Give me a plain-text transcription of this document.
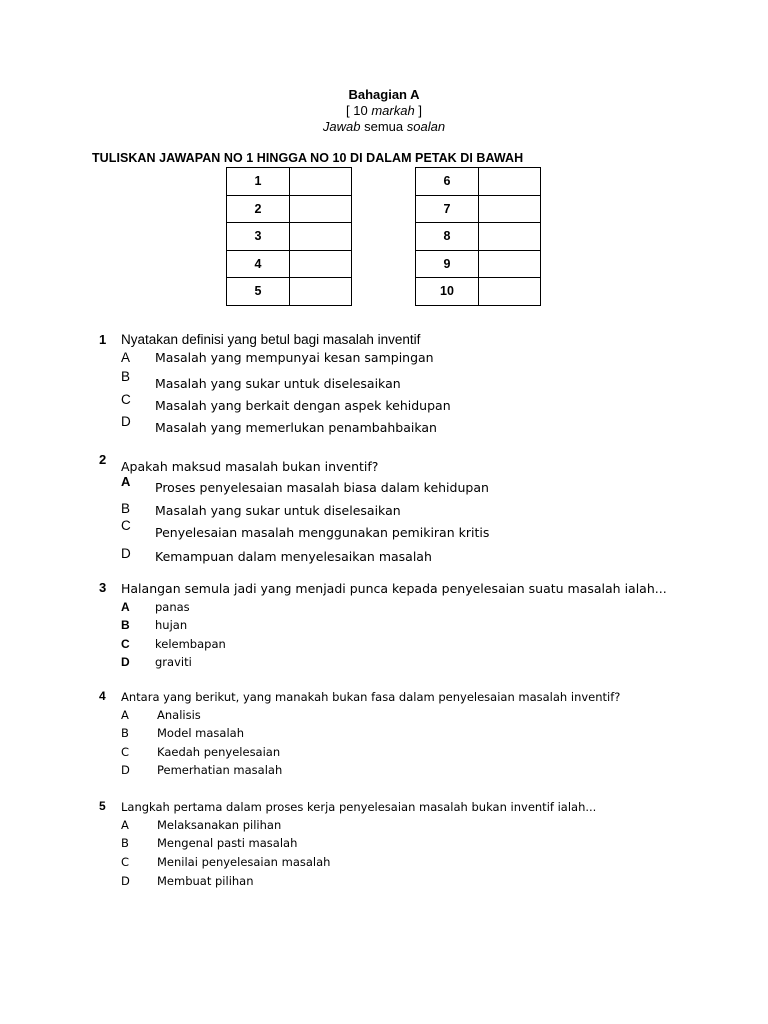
Bahagian A
[ 10 markah ]
Jawab semua soalan
TULISKAN JAWAPAN NO 1 HINGGA NO 10 DI DALAM PETAK DI BAWAH
1	
2	
3	
4	
5	
6	
7	
8	
9	
10	
1 Nyatakan definisi yang betul bagi masalah inventif
A Masalah yang mempunyai kesan sampingan
B Masalah yang sukar untuk diselesaikan
C Masalah yang berkait dengan aspek kehidupan
D Masalah yang memerlukan penambahbaikan
2 Apakah maksud masalah bukan inventif?
A Proses penyelesaian masalah biasa dalam kehidupan
B Masalah yang sukar untuk diselesaikan
C Penyelesaian masalah menggunakan pemikiran kritis
D Kemampuan dalam menyelesaikan masalah
3 Halangan semula jadi yang menjadi punca kepada penyelesaian suatu masalah ialah...
A panas
B hujan
C kelembapan
D graviti
4 Antara yang berikut, yang manakah bukan fasa dalam penyelesaian masalah inventif?
A Analisis
B Model masalah
C Kaedah penyelesaian
D Pemerhatian masalah
5 Langkah pertama dalam proses kerja penyelesaian masalah bukan inventif ialah...
A Melaksanakan pilihan
B Mengenal pasti masalah
C Menilai penyelesaian masalah
D Membuat pilihan
